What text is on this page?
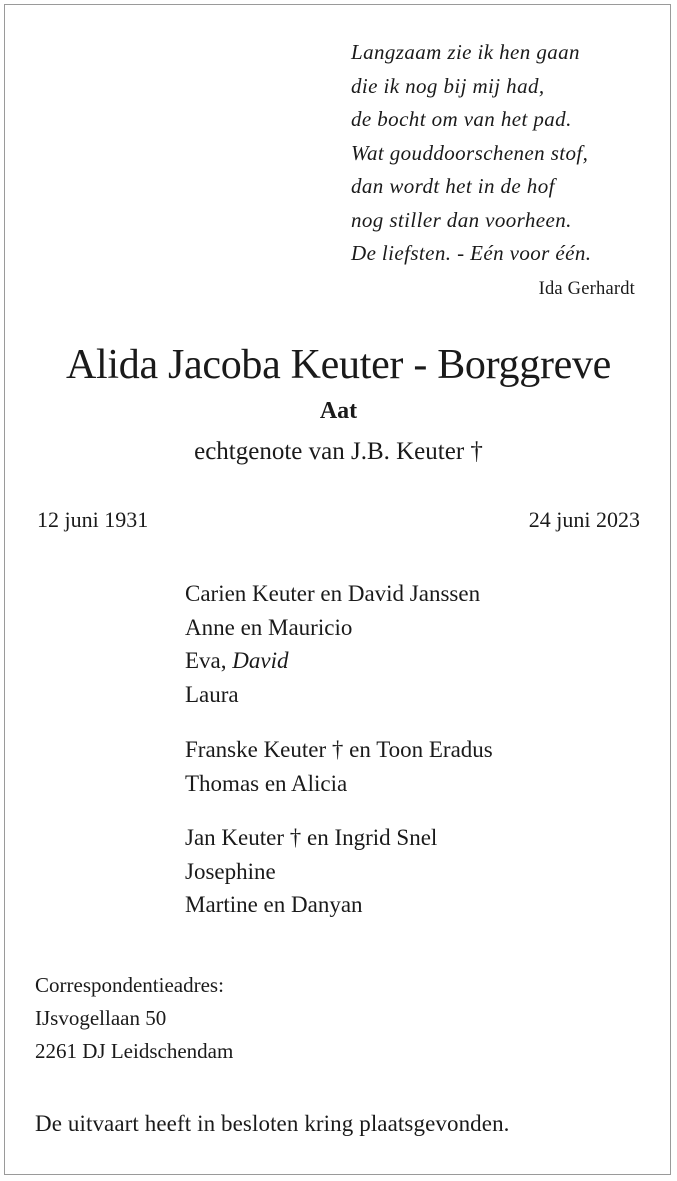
Langzaam zie ik hen gaan
die ik nog bij mij had,
de bocht om van het pad.
Wat gouddoorschenen stof,
dan wordt het in de hof
nog stiller dan voorheen.
De liefsten. - Eén voor één.
Ida Gerhardt
Alida Jacoba Keuter - Borggreve
Aat
echtgenote van J.B. Keuter †
12 juni 1931	24 juni 2023
Carien Keuter en David Janssen
Anne en Mauricio
Eva, David
Laura
Franske Keuter † en Toon Eradus
Thomas en Alicia
Jan Keuter † en Ingrid Snel
Josephine
Martine en Danyan
Correspondentieadres:
IJsvogellaan 50
2261 DJ Leidschendam
De uitvaart heeft in besloten kring plaatsgevonden.
